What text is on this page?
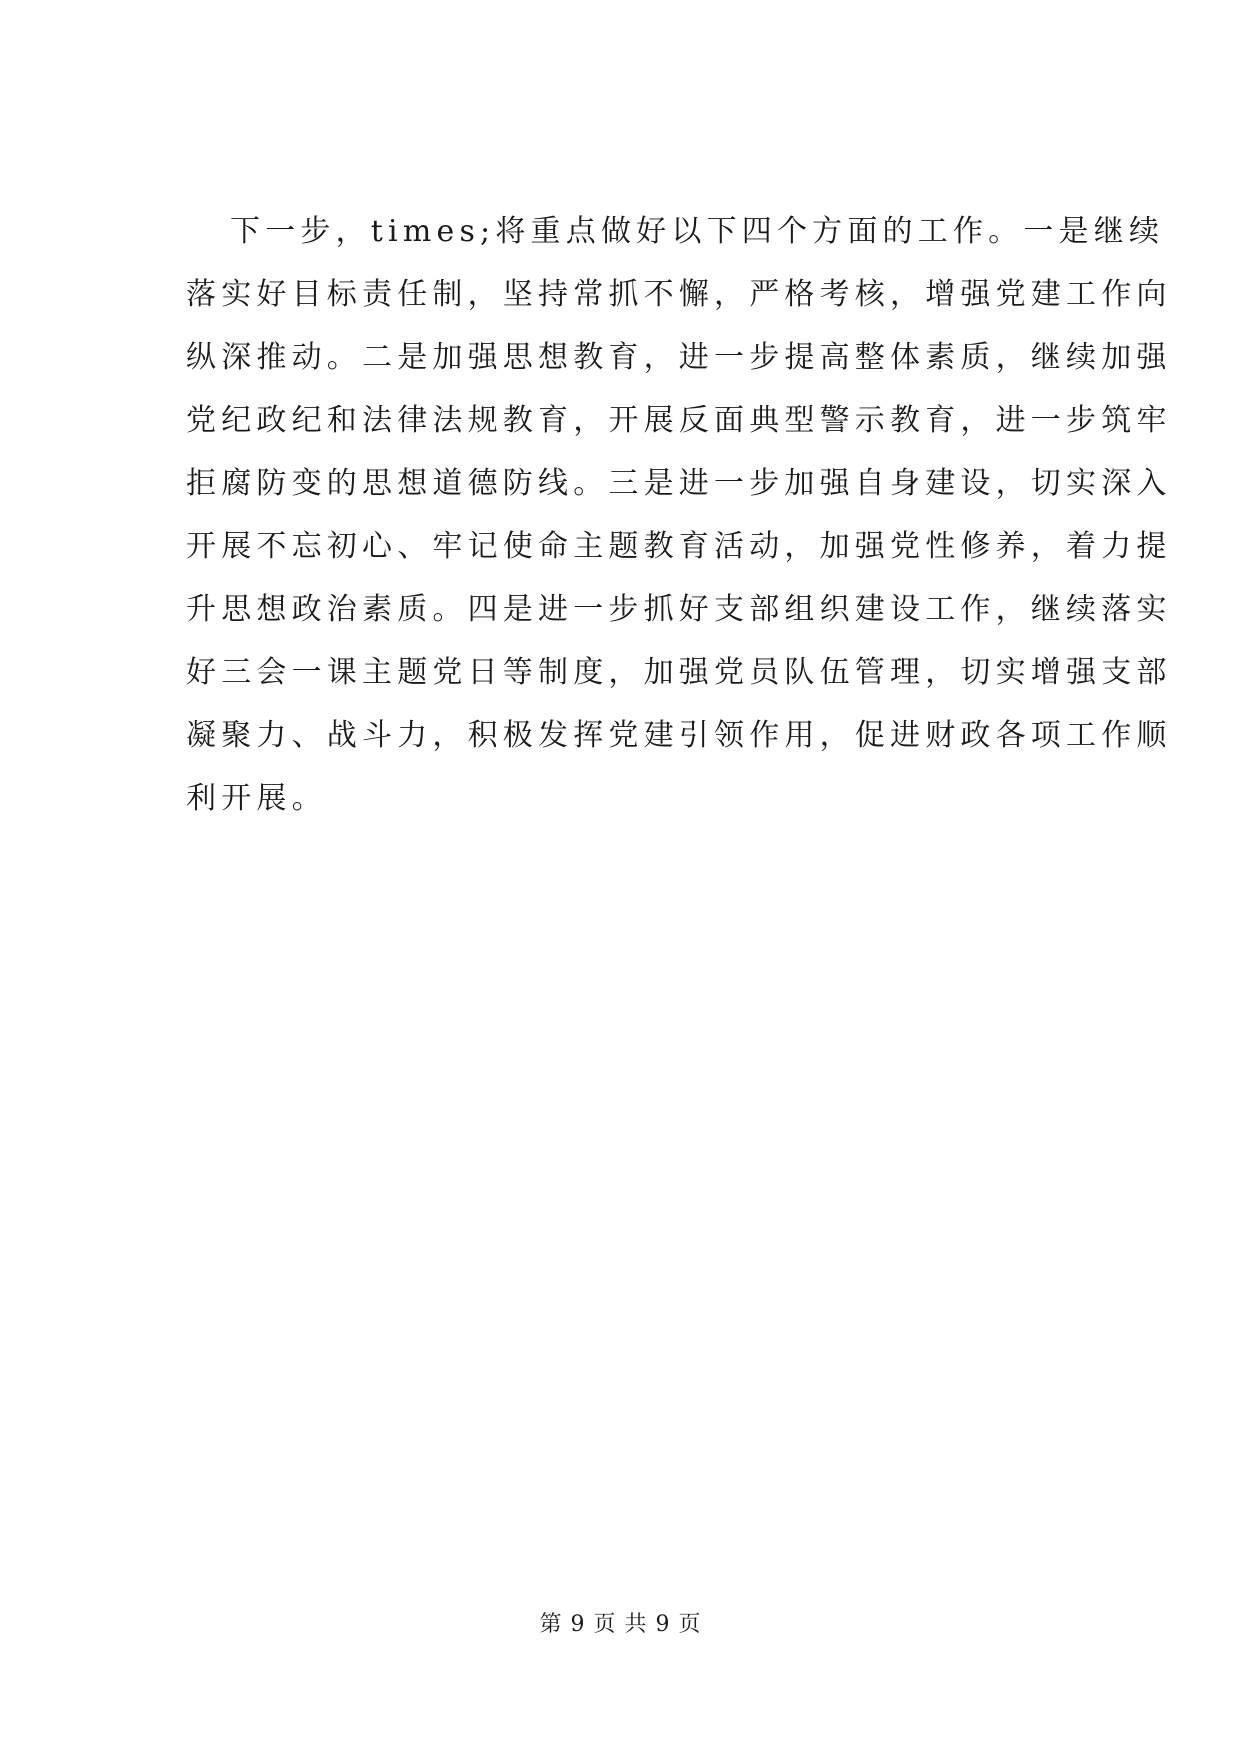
下一步，times;将重点做好以下四个方面的工作。一是继续
落实好目标责任制，坚持常抓不懈，严格考核，增强党建工作向
纵深推动。二是加强思想教育，进一步提高整体素质，继续加强
党纪政纪和法律法规教育，开展反面典型警示教育，进一步筑牢
拒腐防变的思想道德防线。三是进一步加强自身建设，切实深入
开展不忘初心、牢记使命主题教育活动，加强党性修养，着力提
升思想政治素质。四是进一步抓好支部组织建设工作，继续落实
好三会一课主题党日等制度，加强党员队伍管理，切实增强支部
凝聚力、战斗力，积极发挥党建引领作用，促进财政各项工作顺
利开展。
第 9 页 共 9 页
